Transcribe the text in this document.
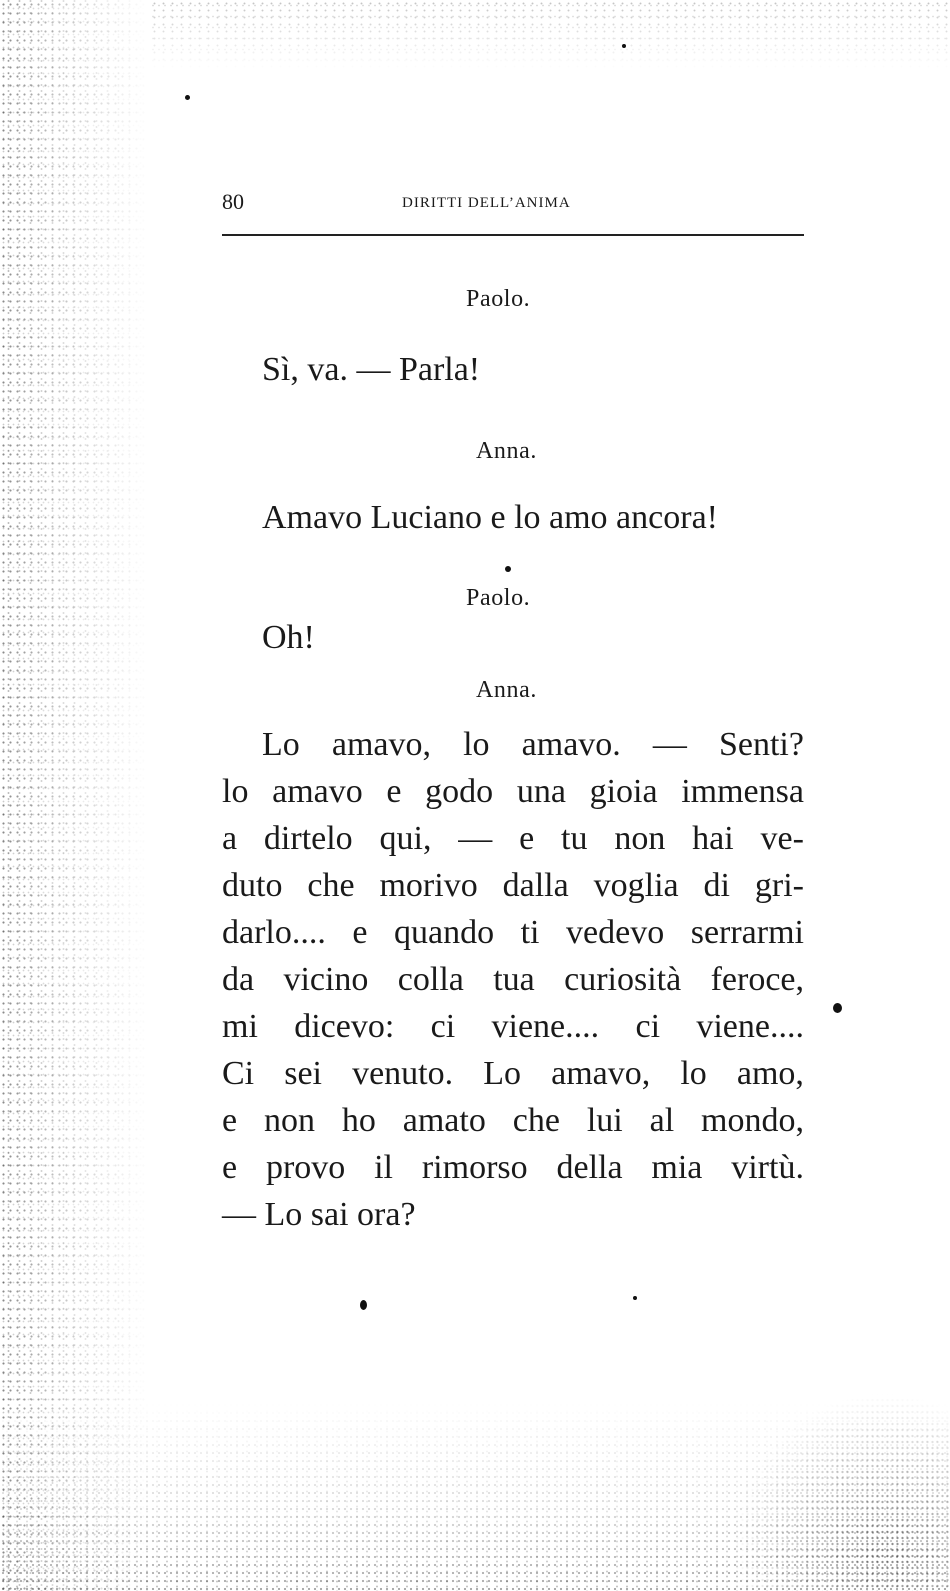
80	DIRITTI DELL’ANIMA
Paolo.
Sì, va. — Parla!
Anna.
Amavo Luciano e lo amo ancora!
Paolo.
Oh!
Anna.
Lo amavo, lo amavo. — Senti?
lo amavo e godo una gioia immensa
a dirtelo qui, — e tu non hai ve-
duto che morivo dalla voglia di gri-
darlo.... e quando ti vedevo serrarmi
da vicino colla tua curiosità feroce,
mi dicevo: ci viene.... ci viene....
Ci sei venuto. Lo amavo, lo amo,
e non ho amato che lui al mondo,
e provo il rimorso della mia virtù.
— Lo sai ora?
